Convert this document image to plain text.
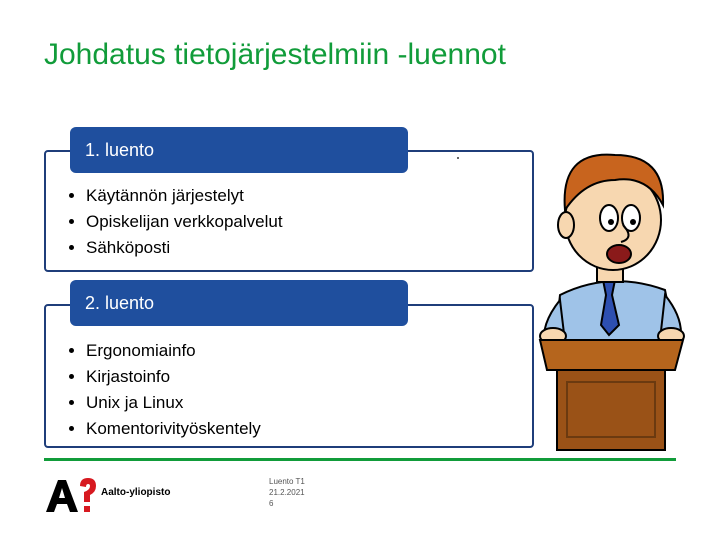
Johdatus tietojärjestelmiin -luennot
1. luento
• Käytännön järjestelyt
• Opiskelijan verkkopalvelut
• Sähköposti
2. luento
• Ergonomiainfo
• Kirjastoinfo
• Unix ja Linux
• Komentorivityöskentely
Aalto-yliopisto
Luento T1
21.2.2021
6
